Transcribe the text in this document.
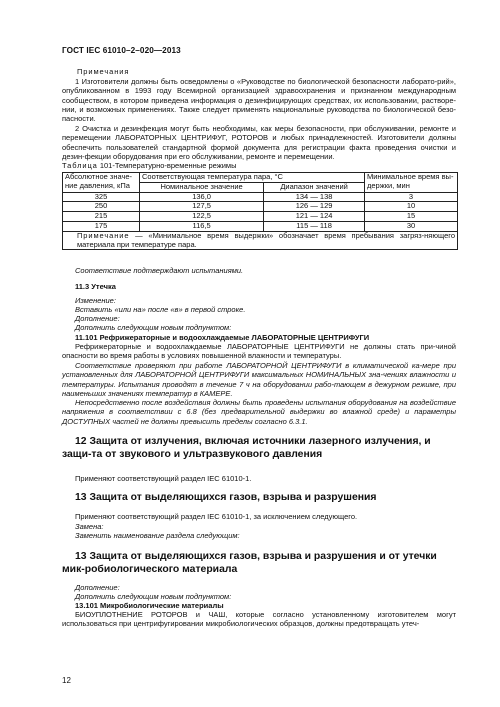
ГОСТ IEC 61010–2–020—2013
Примечания

1 Изготовители должны быть осведомлены о «Руководстве по биологической безопасности лаборато-рий», опубликованном в 1993 году Всемирной организацией здравоохранения и признанном международным сообществом, в котором приведена информация о дезинфицирующих средствах, их использовании, растворе-нии, и возможных применениях. Также следует применять национальные руководства по биологической безо-пасности.

2 Очистка и дезинфекция могут быть необходимы, как меры безопасности, при обслуживании, ремонте и перемещении ЛАБОРАТОРНЫХ ЦЕНТРИФУГ, РОТОРОВ и любых принадлежностей. Изготовители должны обеспечить пользователей стандартной формой документа для регистрации факта проведения очистки и дезин-фекции оборудования при его обслуживании, ремонте и перемещении.

Таблица 101-Температурно-временные режимы
Абсолютное значе-ние давления, кПа	Соответствующая температура пара, °С		Минимальное время вы-держки, мин
	Номинальное значение	Диапазон значений	
325	136,0	134 — 138	3
250	127,5	126 — 129	10
215	122,5	121 — 124	15
175	116,5	115 — 118	30
Примечание — «Минимальное время выдержки» обозначает время пребывания загряз-няющего материала при температуре пара.			

Соответствие подтверждают испытаниями.

11.3 Утечка
Изменение:
Вставить «или на» после «в» в первой строке.
Дополнение:
Дополнить следующим новым подпунктом:
11.101 Рефрижераторные и водоохлаждаемые ЛАБОРАТОРНЫЕ ЦЕНТРИФУГИ

Рефрижераторные и водоохлаждаемые ЛАБОРАТОРНЫЕ ЦЕНТРИФУГИ не должны стать при-чиной опасности во время работы в условиях повышенной влажности и температуры.

Соответствие проверяют при работе ЛАБОРАТОРНОЙ ЦЕНТРИФУГИ в климатической ка-мере при установленных для ЛАБОРАТОРНОЙ ЦЕНТРИФУГИ максимальных НОМИНАЛЬНЫХ зна-чениях влажности и температуры. Испытания проводят в течение 7 ч на оборудовании рабо-тающем в дежурном режиме, при наименьших значениях температур в КАМЕРЕ.

Непосредственно после воздействия должны быть проведены испытания оборудования на воздействие напряжения в соответствии с 6.8 (без предварительной выдержки во влажной среде) и параметры ДОСТУПНЫХ частей не должны превысить пределы согласно 6.3.1.

12 Защита от излучения, включая источники лазерного излучения, и защи-та от звукового и ультразвукового давления

Применяют соответствующий раздел IEC 61010-1.

13 Защита от выделяющихся газов, взрыва и разрушения

Применяют соответствующий раздел IEC 61010-1, за исключением следующего.

Замена:
Заменить наименование раздела следующим:
13 Защита от выделяющихся газов, взрыва и разрушения и от утечки мик-робиологического материала
Дополнение:
Дополнить следующим новым подпунктом:
13.101 Микробиологические материалы

БИОУПЛОТНЕНИЕ РОТОРОВ и ЧАШ, которые согласно установленному изготовителем могут использоваться при центрифугировании микробиологических образцов, должны предотвращать утеч-

12
